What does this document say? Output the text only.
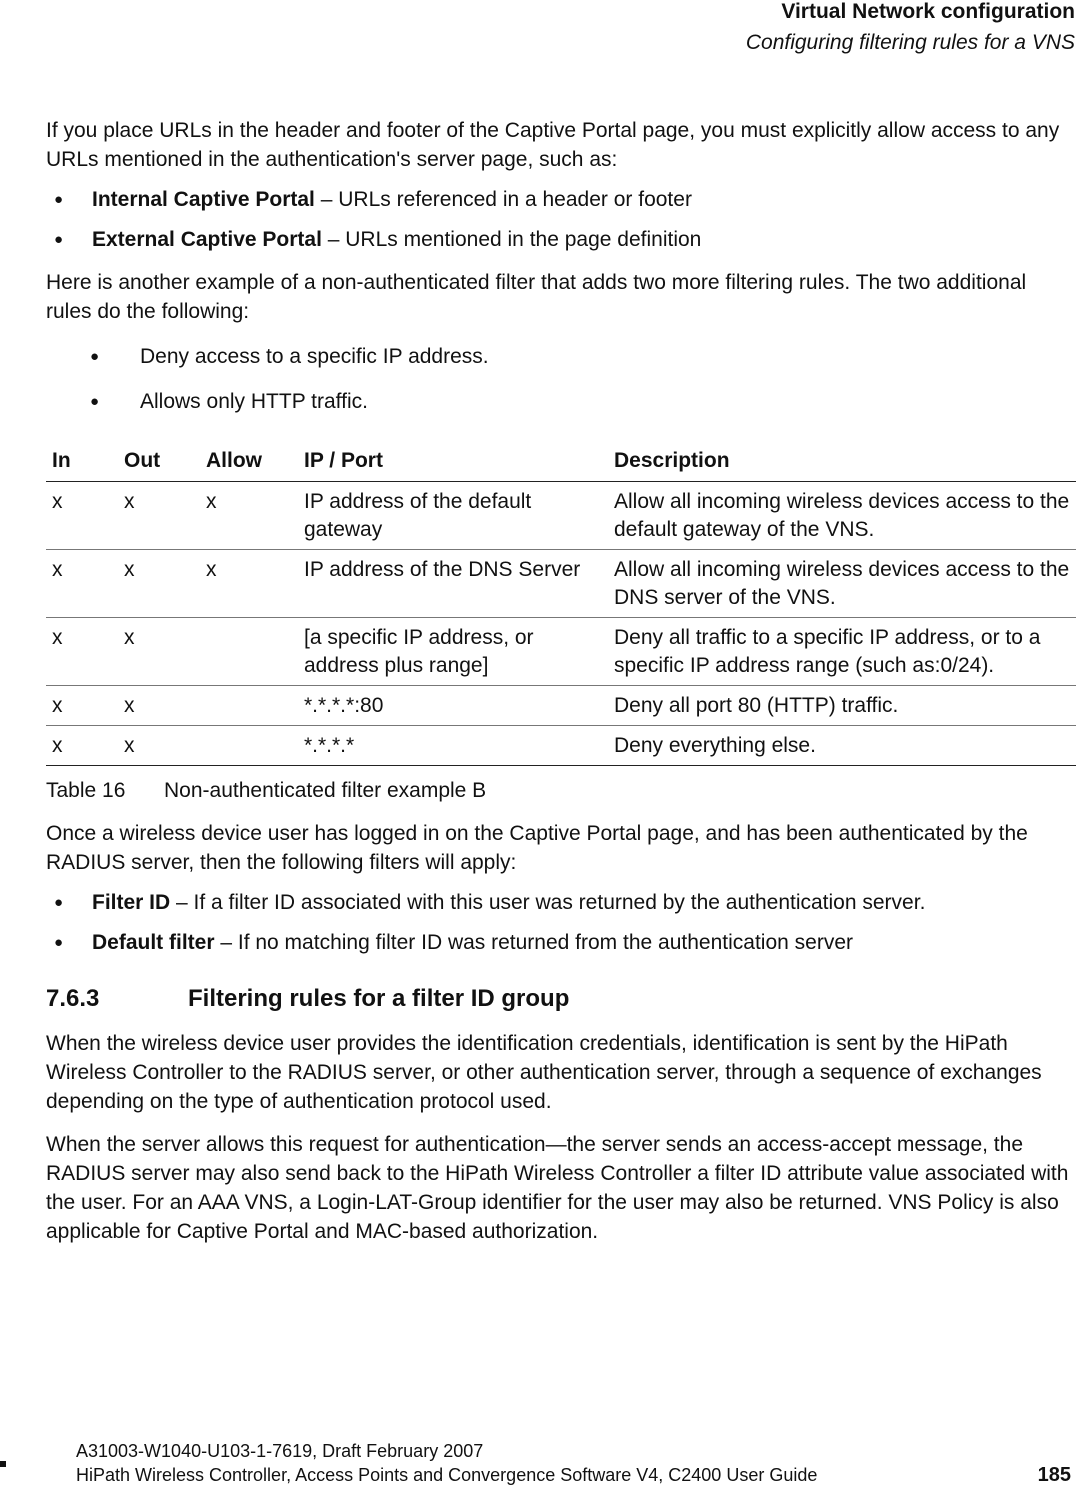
Virtual Network configuration
Configuring filtering rules for a VNS

If you place URLs in the header and footer of the Captive Portal page, you must explicitly allow access to any URLs mentioned in the authentication's server page, such as:

● Internal Captive Portal – URLs referenced in a header or footer
● External Captive Portal – URLs mentioned in the page definition

Here is another example of a non-authenticated filter that adds two more filtering rules. The two additional rules do the following:

● Deny access to a specific IP address.
● Allows only HTTP traffic.
In	Out	Allow	IP / Port	Description
x	x	x	IP address of the default gateway	Allow all incoming wireless devices access to the default gateway of the VNS.
x	x	x	IP address of the DNS Server	Allow all incoming wireless devices access to the DNS server of the VNS.
x	x		[a specific IP address, or address plus range]	Deny all traffic to a specific IP address, or to a specific IP address range (such as:0/24).
x	x		*.*.*.*:80	Deny all port 80 (HTTP) traffic.
x	x		*.*.*.*	Deny everything else.
Table 16 Non-authenticated filter example B

Once a wireless device user has logged in on the Captive Portal page, and has been authenticated by the RADIUS server, then the following filters will apply:

● Filter ID – If a filter ID associated with this user was returned by the authentication server.
● Default filter – If no matching filter ID was returned from the authentication server
7.6.3	Filtering rules for a filter ID group

When the wireless device user provides the identification credentials, identification is sent by the HiPath Wireless Controller to the RADIUS server, or other authentication server, through a sequence of exchanges depending on the type of authentication protocol used.

When the server allows this request for authentication—the server sends an access-accept message, the RADIUS server may also send back to the HiPath Wireless Controller a filter ID attribute value associated with the user. For an AAA VNS, a Login-LAT-Group identifier for the user may also be returned. VNS Policy is also applicable for Captive Portal and MAC-based authorization.

A31003-W1040-U103-1-7619, Draft February 2007
HiPath Wireless Controller, Access Points and Convergence Software V4, C2400 User Guide	185
